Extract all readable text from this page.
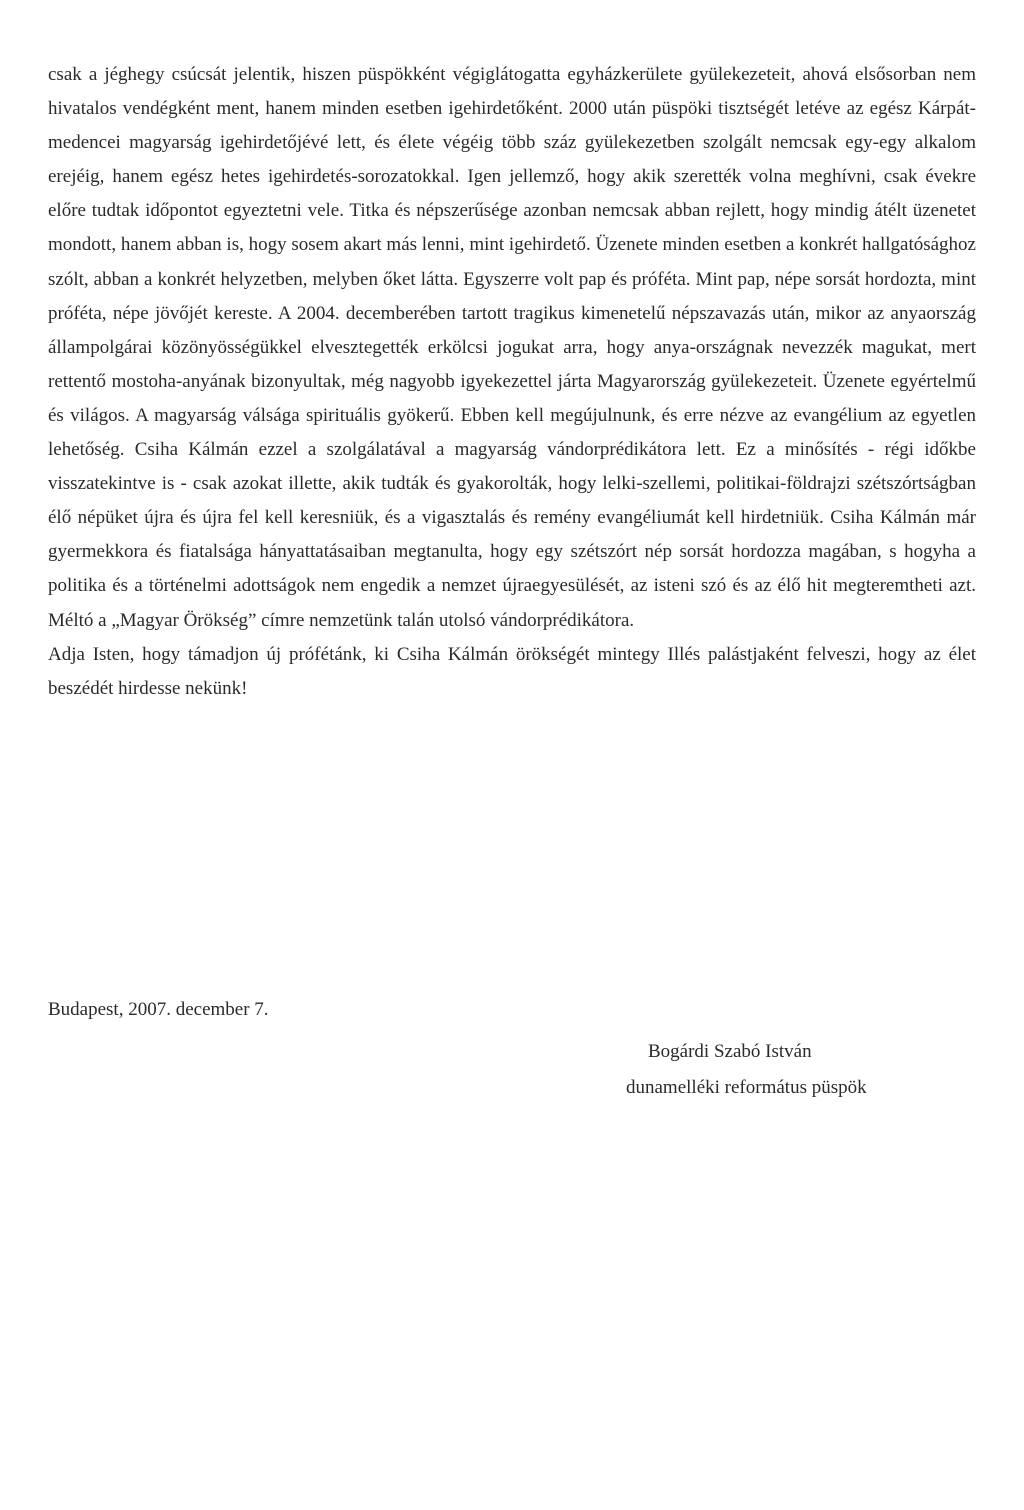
csak a jéghegy csúcsát jelentik, hiszen püspökként végiglátogatta egyházkerülete gyülekezeteit, ahová elsősorban nem hivatalos vendégként ment, hanem minden esetben igehirdetőként. 2000 után püspöki tisztségét letéve az egész Kárpát-medencei magyarság igehirdetőjévé lett, és élete végéig több száz gyülekezetben szolgált nemcsak egy-egy alkalom erejéig, hanem egész hetes igehirdetés-sorozatokkal. Igen jellemző, hogy akik szerették volna meghívni, csak évekre előre tudtak időpontot egyeztetni vele. Titka és népszerűsége azonban nemcsak abban rejlett, hogy mindig átélt üzenetet mondott, hanem abban is, hogy sosem akart más lenni, mint igehirdető. Üzenete minden esetben a konkrét hallgatósághoz szólt, abban a konkrét helyzetben, melyben őket látta. Egyszerre volt pap és próféta. Mint pap, népe sorsát hordozta, mint próféta, népe jövőjét kereste. A 2004. decemberében tartott tragikus kimenetelű népszavazás után, mikor az anyaország állampolgárai közönyösségükkel elvesztegették erkölcsi jogukat arra, hogy anya-országnak nevezzék magukat, mert rettentő mostoha-anyának bizonyultak, még nagyobb igyekezettel járta Magyarország gyülekezeteit. Üzenete egyértelmű és világos. A magyarság válsága spirituális gyökerű. Ebben kell megújulnunk, és erre nézve az evangélium az egyetlen lehetőség. Csiha Kálmán ezzel a szolgálatával a magyarság vándorprédikátora lett. Ez a minősítés - régi időkbe visszatekintve is - csak azokat illette, akik tudták és gyakorolták, hogy lelki-szellemi, politikai-földrajzi szétszórtságban élő népüket újra és újra fel kell keresniük, és a vigasztalás és remény evangéliumát kell hirdetniük. Csiha Kálmán már gyermekkora és fiatalsága hányattatásaiban megtanulta, hogy egy szétszórt nép sorsát hordozza magában, s hogyha a politika és a történelmi adottságok nem engedik a nemzet újraegyesülését, az isteni szó és az élő hit megteremtheti azt. Méltó a „Magyar Örökség” címre nemzetünk talán utolsó vándorprédikátora.

Adja Isten, hogy támadjon új prófétánk, ki Csiha Kálmán örökségét mintegy Illés palástjaként felveszi, hogy az élet beszédét hirdesse nekünk!

Budapest, 2007. december 7.

Bogárdi Szabó István

dunamelléki református püspök
